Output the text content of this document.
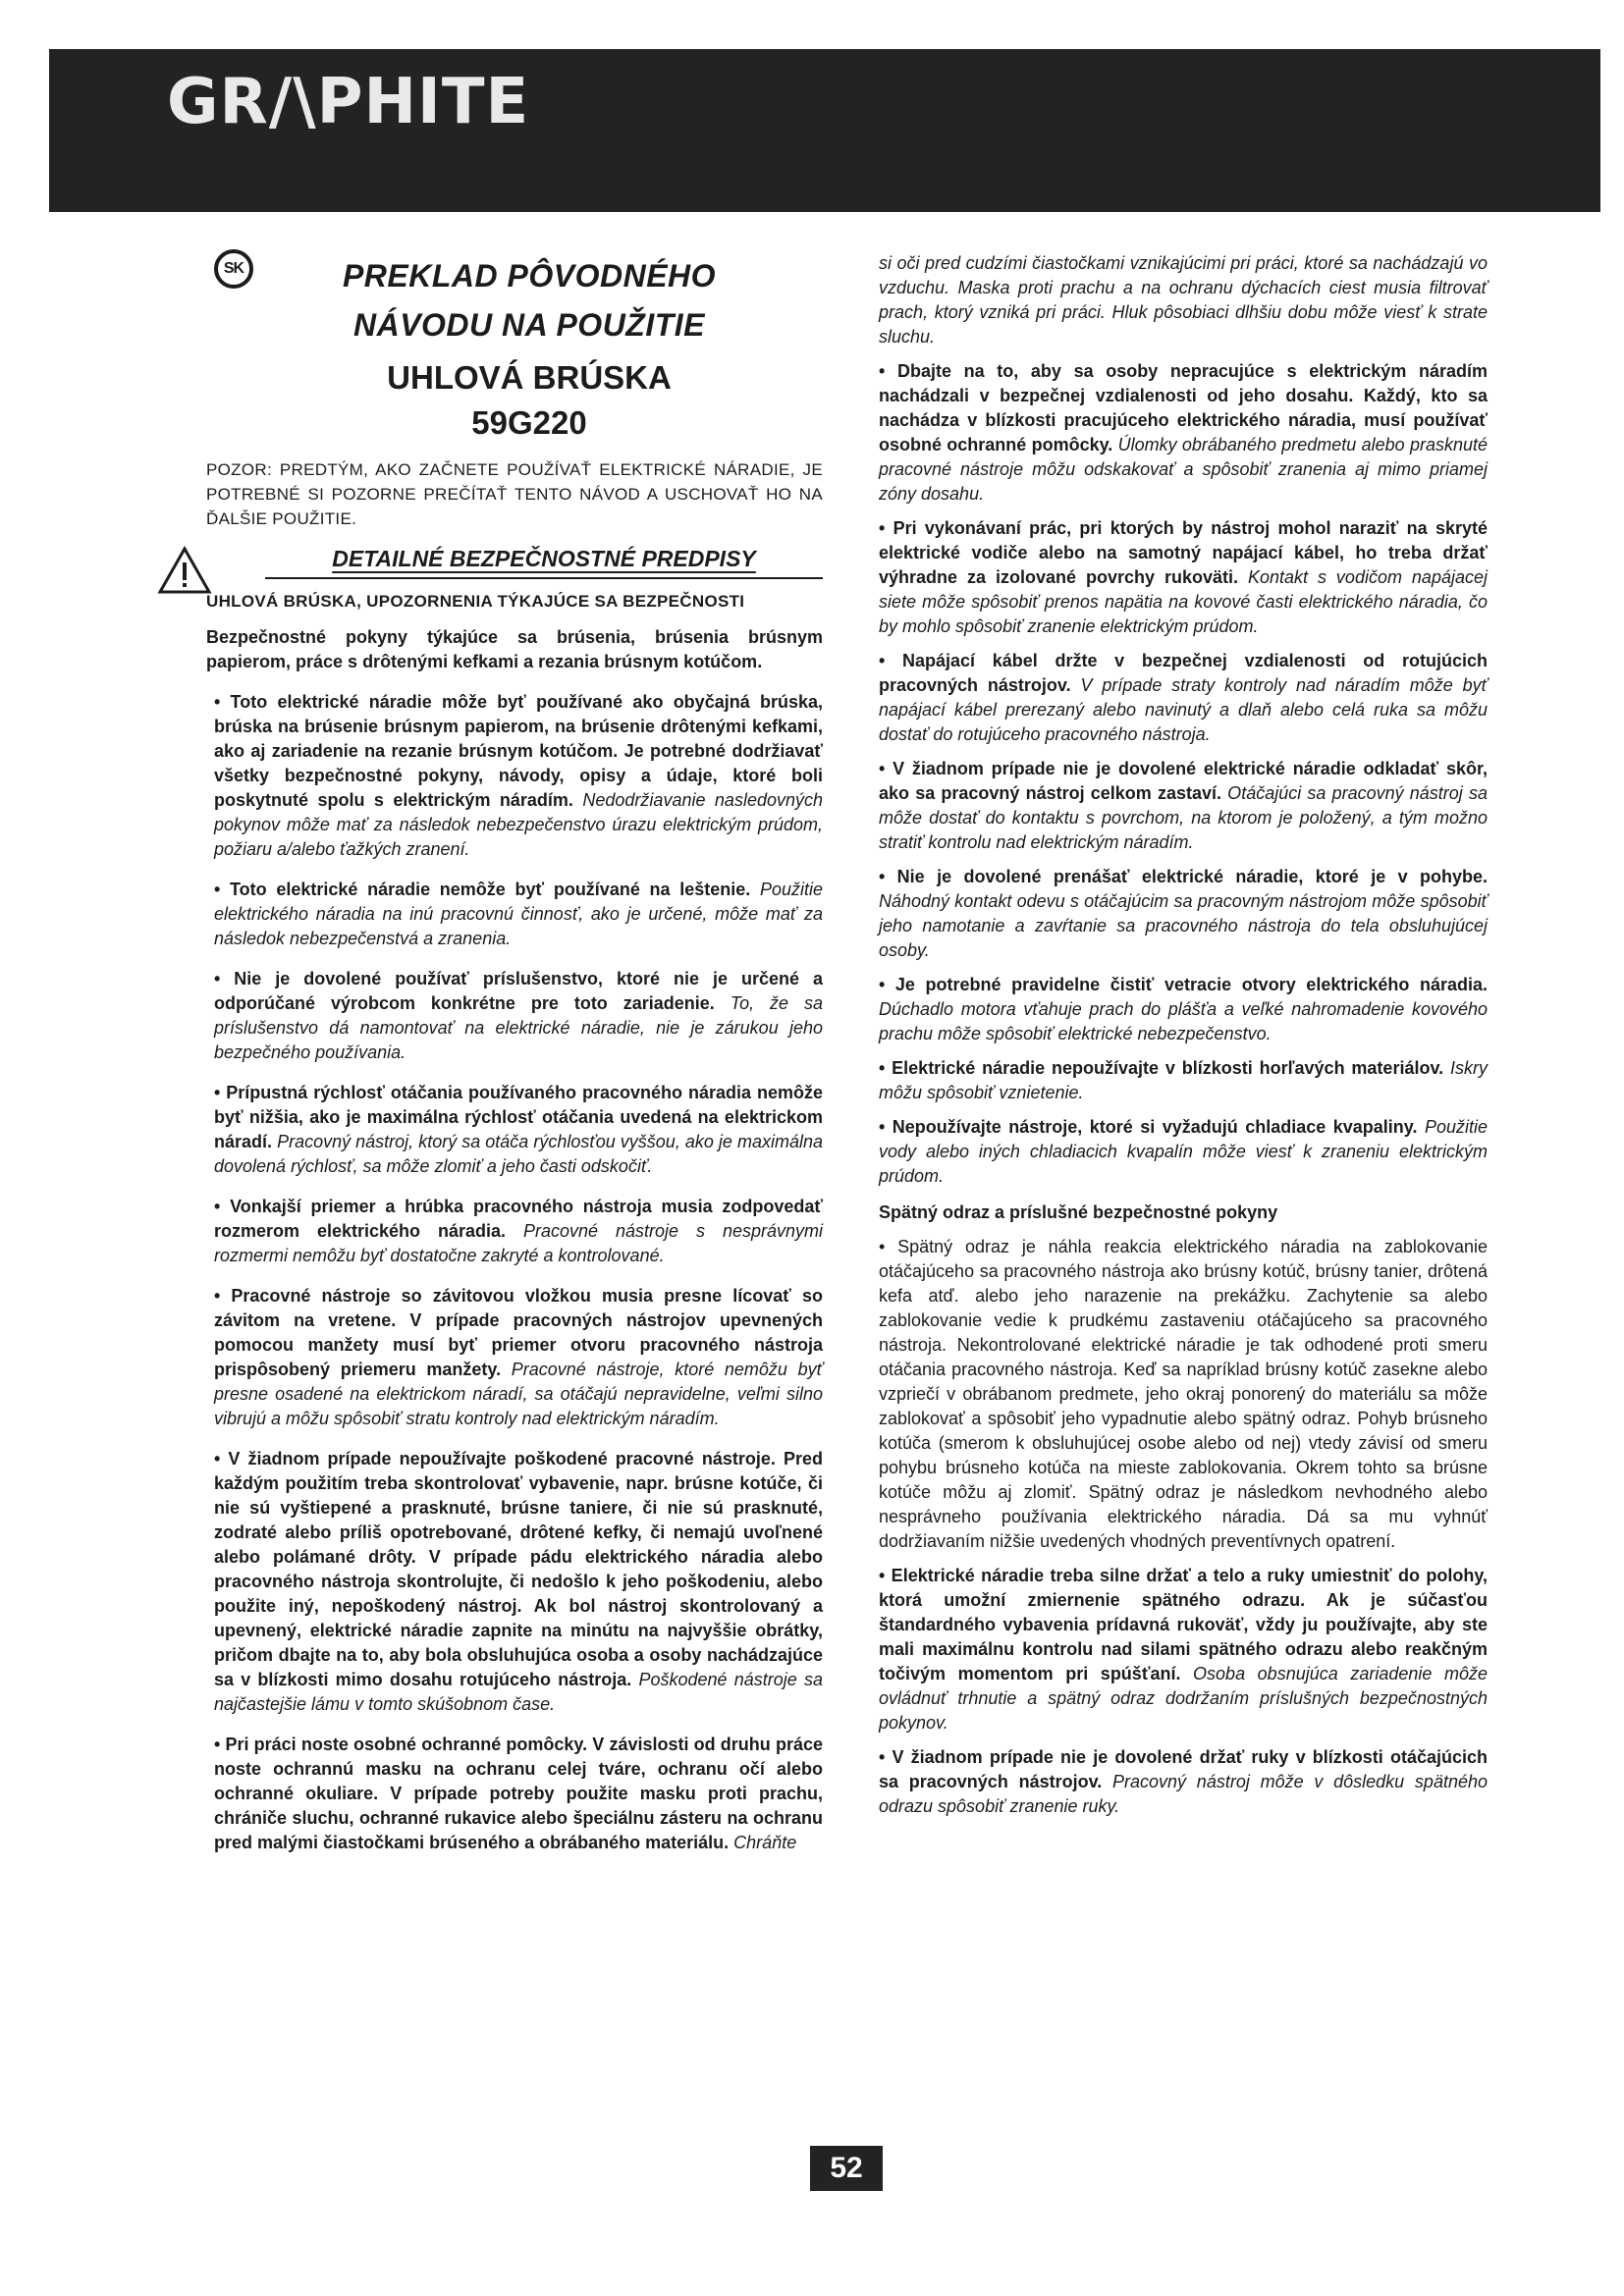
GR/\PHITE
SK	PREKLAD PÔVODNÉHO
NÁVODU NA POUŽITIE
UHLOVÁ BRÚSKA
59G220
POZOR: PREDTÝM, AKO ZAČNETE POUŽÍVAŤ ELEKTRICKÉ NÁRADIE, JE POTREBNÉ SI POZORNE PREČÍTAŤ TENTO NÁVOD A USCHOVAŤ HO NA ĎALŠIE POUŽITIE.
DETAILNÉ BEZPEČNOSTNÉ PREDPISY
UHLOVÁ BRÚSKA, UPOZORNENIA TÝKAJÚCE SA BEZPEČNOSTI
Bezpečnostné pokyny týkajúce sa brúsenia, brúsenia brúsnym papierom, práce s drôtenými kefkami a rezania brúsnym kotúčom.

• Toto elektrické náradie môže byť používané ako obyčajná brúska, brúska na brúsenie brúsnym papierom, na brúsenie drôtenými kefkami, ako aj zariadenie na rezanie brúsnym kotúčom. Je potrebné dodržiavať všetky bezpečnostné pokyny, návody, opisy a údaje, ktoré boli poskytnuté spolu s elektrickým náradím. Nedodržiavanie nasledovných pokynov môže mať za následok nebezpečenstvo úrazu elektrickým prúdom, požiaru a/alebo ťažkých zranení.

• Toto elektrické náradie nemôže byť používané na leštenie. Použitie elektrického náradia na inú pracovnú činnosť, ako je určené, môže mať za následok nebezpečenstvá a zranenia.

• Nie je dovolené používať príslušenstvo, ktoré nie je určené a odporúčané výrobcom konkrétne pre toto zariadenie. To, že sa príslušenstvo dá namontovať na elektrické náradie, nie je zárukou jeho bezpečného používania.

• Prípustná rýchlosť otáčania používaného pracovného náradia nemôže byť nižšia, ako je maximálna rýchlosť otáčania uvedená na elektrickom náradí. Pracovný nástroj, ktorý sa otáča rýchlosťou vyššou, ako je maximálna dovolená rýchlosť, sa môže zlomiť a jeho časti odskočiť.

• Vonkajší priemer a hrúbka pracovného nástroja musia zodpovedať rozmerom elektrického náradia. Pracovné nástroje s nesprávnymi rozmermi nemôžu byť dostatočne zakryté a kontrolované.

• Pracovné nástroje so závitovou vložkou musia presne lícovať so závitom na vretene. V prípade pracovných nástrojov upevnených pomocou manžety musí byť priemer otvoru pracovného nástroja prispôsobený priemeru manžety. Pracovné nástroje, ktoré nemôžu byť presne osadené na elektrickom náradí, sa otáčajú nepravidelne, veľmi silno vibrujú a môžu spôsobiť stratu kontroly nad elektrickým náradím.

• V žiadnom prípade nepoužívajte poškodené pracovné nástroje. Pred každým použitím treba skontrolovať vybavenie, napr. brúsne kotúče, či nie sú vyštiepené a prasknuté, brúsne taniere, či nie sú prasknuté, zodraté alebo príliš opotrebované, drôtené kefky, či nemajú uvoľnené alebo polámané drôty. V prípade pádu elektrického náradia alebo pracovného nástroja skontrolujte, či nedošlo k jeho poškodeniu, alebo použite iný, nepoškodený nástroj. Ak bol nástroj skontrolovaný a upevnený, elektrické náradie zapnite na minútu na najvyššie obrátky, pričom dbajte na to, aby bola obsluhujúca osoba a osoby nachádzajúce sa v blízkosti mimo dosahu rotujúceho nástroja. Poškodené nástroje sa najčastejšie lámu v tomto skúšobnom čase.

• Pri práci noste osobné ochranné pomôcky. V závislosti od druhu práce noste ochrannú masku na ochranu celej tváre, ochranu očí alebo ochranné okuliare. V prípade potreby použite masku proti prachu, chrániče sluchu, ochranné rukavice alebo špeciálnu zásteru na ochranu pred malými čiastočkami brúseného a obrábaného materiálu. Chráňte

si oči pred cudzími čiastočkami vznikajúcimi pri práci, ktoré sa nachádzajú vo vzduchu. Maska proti prachu a na ochranu dýchacích ciest musia filtrovať prach, ktorý vzniká pri práci. Hluk pôsobiaci dlhšiu dobu môže viesť k strate sluchu.

• Dbajte na to, aby sa osoby nepracujúce s elektrickým náradím nachádzali v bezpečnej vzdialenosti od jeho dosahu. Každý, kto sa nachádza v blízkosti pracujúceho elektrického náradia, musí používať osobné ochranné pomôcky. Úlomky obrábaného predmetu alebo prasknuté pracovné nástroje môžu odskakovať a spôsobiť zranenia aj mimo priamej zóny dosahu.

• Pri vykonávaní prác, pri ktorých by nástroj mohol naraziť na skryté elektrické vodiče alebo na samotný napájací kábel, ho treba držať výhradne za izolované povrchy rukoväti. Kontakt s vodičom napájacej siete môže spôsobiť prenos napätia na kovové časti elektrického náradia, čo by mohlo spôsobiť zranenie elektrickým prúdom.

• Napájací kábel držte v bezpečnej vzdialenosti od rotujúcich pracovných nástrojov. V prípade straty kontroly nad náradím môže byť napájací kábel prerezaný alebo navinutý a dlaň alebo celá ruka sa môžu dostať do rotujúceho pracovného nástroja.

• V žiadnom prípade nie je dovolené elektrické náradie odkladať skôr, ako sa pracovný nástroj celkom zastaví. Otáčajúci sa pracovný nástroj sa môže dostať do kontaktu s povrchom, na ktorom je položený, a tým možno stratiť kontrolu nad elektrickým náradím.

• Nie je dovolené prenášať elektrické náradie, ktoré je v pohybe. Náhodný kontakt odevu s otáčajúcim sa pracovným nástrojom môže spôsobiť jeho namotanie a zavŕtanie sa pracovného nástroja do tela obsluhujúcej osoby.

• Je potrebné pravidelne čistiť vetracie otvory elektrického náradia. Dúchadlo motora vťahuje prach do plášťa a veľké nahromadenie kovového prachu môže spôsobiť elektrické nebezpečenstvo.

• Elektrické náradie nepoužívajte v blízkosti horľavých materiálov. Iskry môžu spôsobiť vznietenie.

• Nepoužívajte nástroje, ktoré si vyžadujú chladiace kvapaliny. Použitie vody alebo iných chladiacich kvapalín môže viesť k zraneniu elektrickým prúdom.

Spätný odraz a príslušné bezpečnostné pokyny

• Spätný odraz je náhla reakcia elektrického náradia na zablokovanie otáčajúceho sa pracovného nástroja ako brúsny kotúč, brúsny tanier, drôtená kefa atď. alebo jeho narazenie na prekážku. Zachytenie sa alebo zablokovanie vedie k prudkému zastaveniu otáčajúceho sa pracovného nástroja. Nekontrolované elektrické náradie je tak odhodené proti smeru otáčania pracovného nástroja. Keď sa napríklad brúsny kotúč zasekne alebo vzpriečí v obrábanom predmete, jeho okraj ponorený do materiálu sa môže zablokovať a spôsobiť jeho vypadnutie alebo spätný odraz. Pohyb brúsneho kotúča (smerom k obsluhujúcej osobe alebo od nej) vtedy závisí od smeru pohybu brúsneho kotúča na mieste zablokovania. Okrem tohto sa brúsne kotúče môžu aj zlomiť. Spätný odraz je následkom nevhodného alebo nesprávneho používania elektrického náradia. Dá sa mu vyhnúť dodržiavaním nižšie uvedených vhodných preventívnych opatrení.

• Elektrické náradie treba silne držať a telo a ruky umiestniť do polohy, ktorá umožní zmiernenie spätného odrazu. Ak je súčasťou štandardného vybavenia prídavná rukoväť, vždy ju používajte, aby ste mali maximálnu kontrolu nad silami spätného odrazu alebo reakčným točivým momentom pri spúšťaní. Osoba obsnujúca zariadenie môže ovládnuť trhnutie a spätný odraz dodržaním príslušných bezpečnostných pokynov.

• V žiadnom prípade nie je dovolené držať ruky v blízkosti otáčajúcich sa pracovných nástrojov. Pracovný nástroj môže v dôsledku spätného odrazu spôsobiť zranenie ruky.

52
